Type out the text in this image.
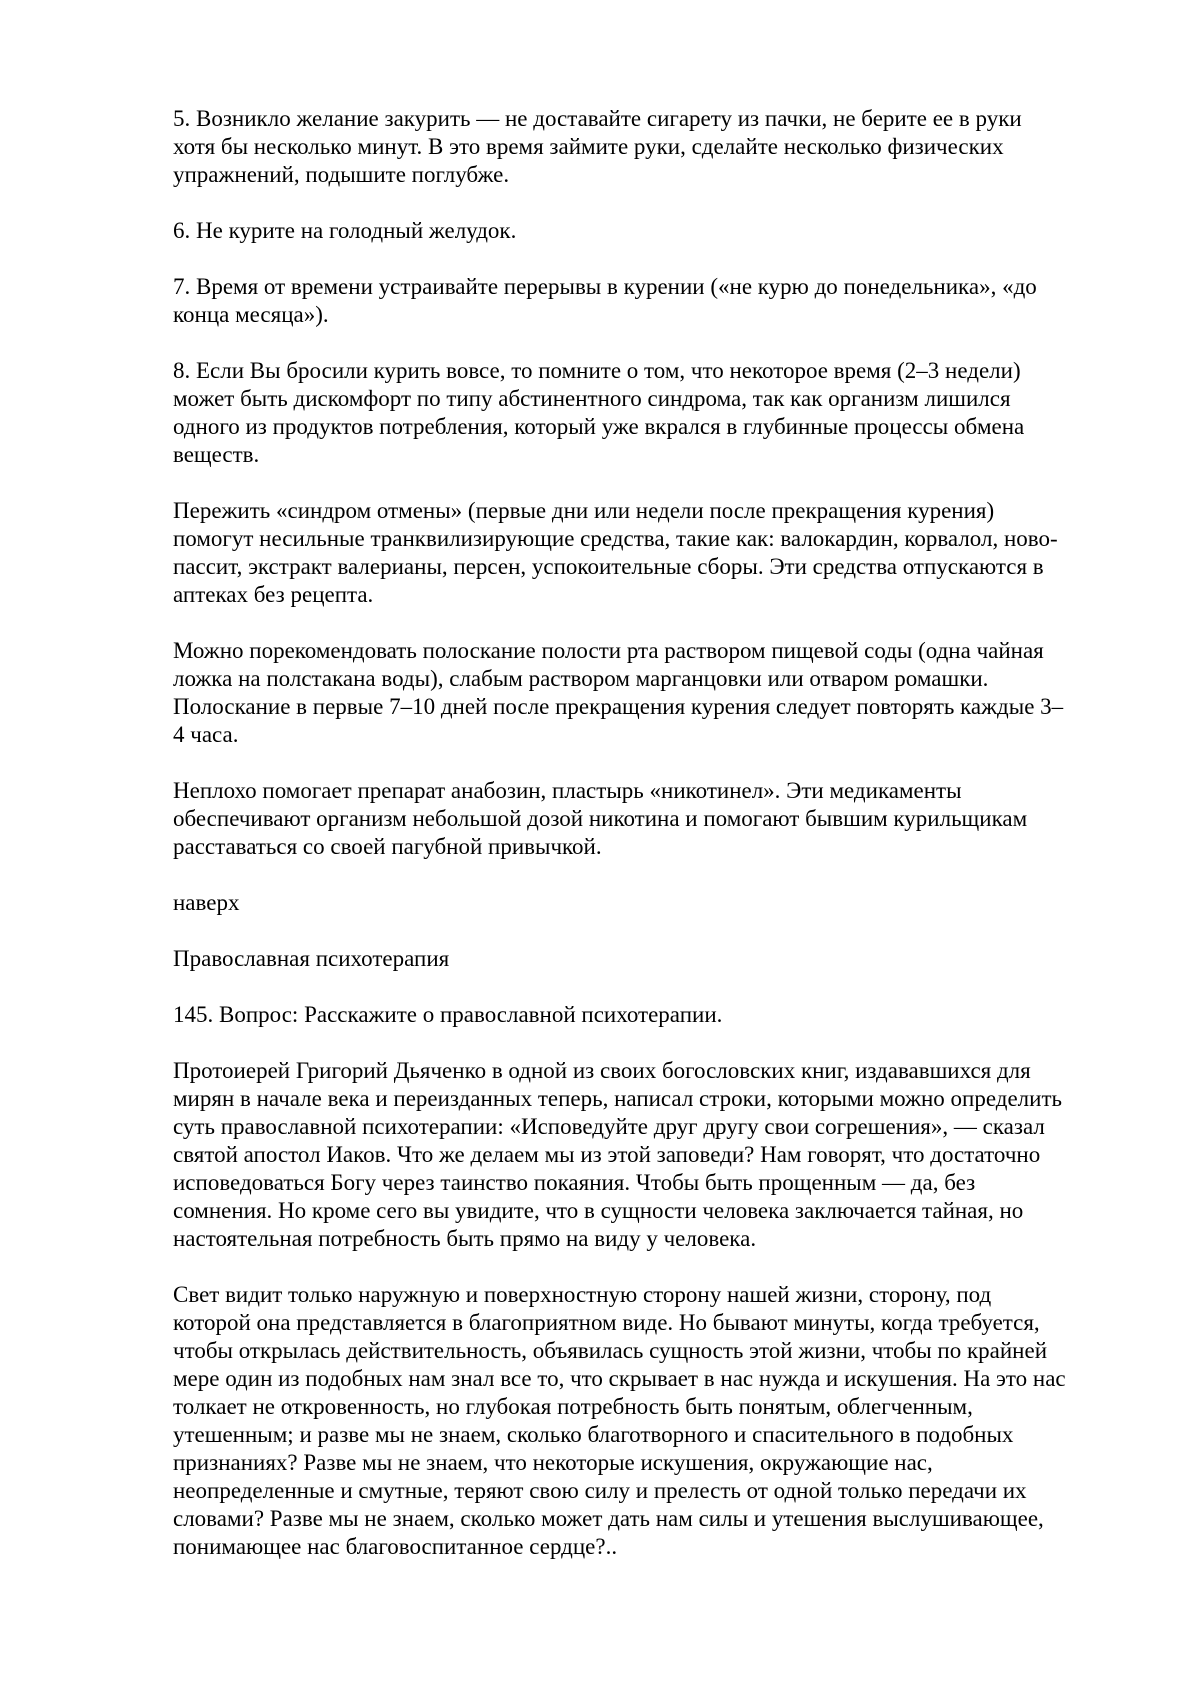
5. Возникло желание закурить — не доставайте сигарету из пачки, не берите ее в руки
хотя бы несколько минут. В это время займите руки, сделайте несколько физических
упражнений, подышите поглубже.

6. Не курите на голодный желудок.

7. Время от времени устраивайте перерывы в курении («не курю до понедельника», «до
конца месяца»).

8. Если Вы бросили курить вовсе, то помните о том, что некоторое время (2–3 недели)
может быть дискомфорт по типу абстинентного синдрома, так как организм лишился
одного из продуктов потребления, который уже вкрался в глубинные процессы обмена
веществ.

Пережить «синдром отмены» (первые дни или недели после прекращения курения)
помогут несильные транквилизирующие средства, такие как: валокардин, корвалол, ново-
пассит, экстракт валерианы, персен, успокоительные сборы. Эти средства отпускаются в
аптеках без рецепта.

Можно порекомендовать полоскание полости рта раствором пищевой соды (одна чайная
ложка на полстакана воды), слабым раствором марганцовки или отваром ромашки.
Полоскание в первые 7–10 дней после прекращения курения следует повторять каждые 3–
4 часа.

Неплохо помогает препарат анабозин, пластырь «никотинел». Эти медикаменты
обеспечивают организм небольшой дозой никотина и помогают бывшим курильщикам
расставаться со своей пагубной привычкой.

наверх

Православная психотерапия

145. Вопрос: Расскажите о православной психотерапии.

Протоиерей Григорий Дьяченко в одной из своих богословских книг, издававшихся для
мирян в начале века и переизданных теперь, написал строки, которыми можно определить
суть православной психотерапии: «Исповедуйте друг другу свои согрешения», — сказал
святой апостол Иаков. Что же делаем мы из этой заповеди? Нам говорят, что достаточно
исповедоваться Богу через таинство покаяния. Чтобы быть прощенным — да, без
сомнения. Но кроме сего вы увидите, что в сущности человека заключается тайная, но
настоятельная потребность быть прямо на виду у человека.

Свет видит только наружную и поверхностную сторону нашей жизни, сторону, под
которой она представляется в благоприятном виде. Но бывают минуты, когда требуется,
чтобы открылась действительность, объявилась сущность этой жизни, чтобы по крайней
мере один из подобных нам знал все то, что скрывает в нас нужда и искушения. На это нас
толкает не откровенность, но глубокая потребность быть понятым, облегченным,
утешенным; и разве мы не знаем, сколько благотворного и спасительного в подобных
признаниях? Разве мы не знаем, что некоторые искушения, окружающие нас,
неопределенные и смутные, теряют свою силу и прелесть от одной только передачи их
словами? Разве мы не знаем, сколько может дать нам силы и утешения выслушивающее,
понимающее нас благовоспитанное сердце?..
